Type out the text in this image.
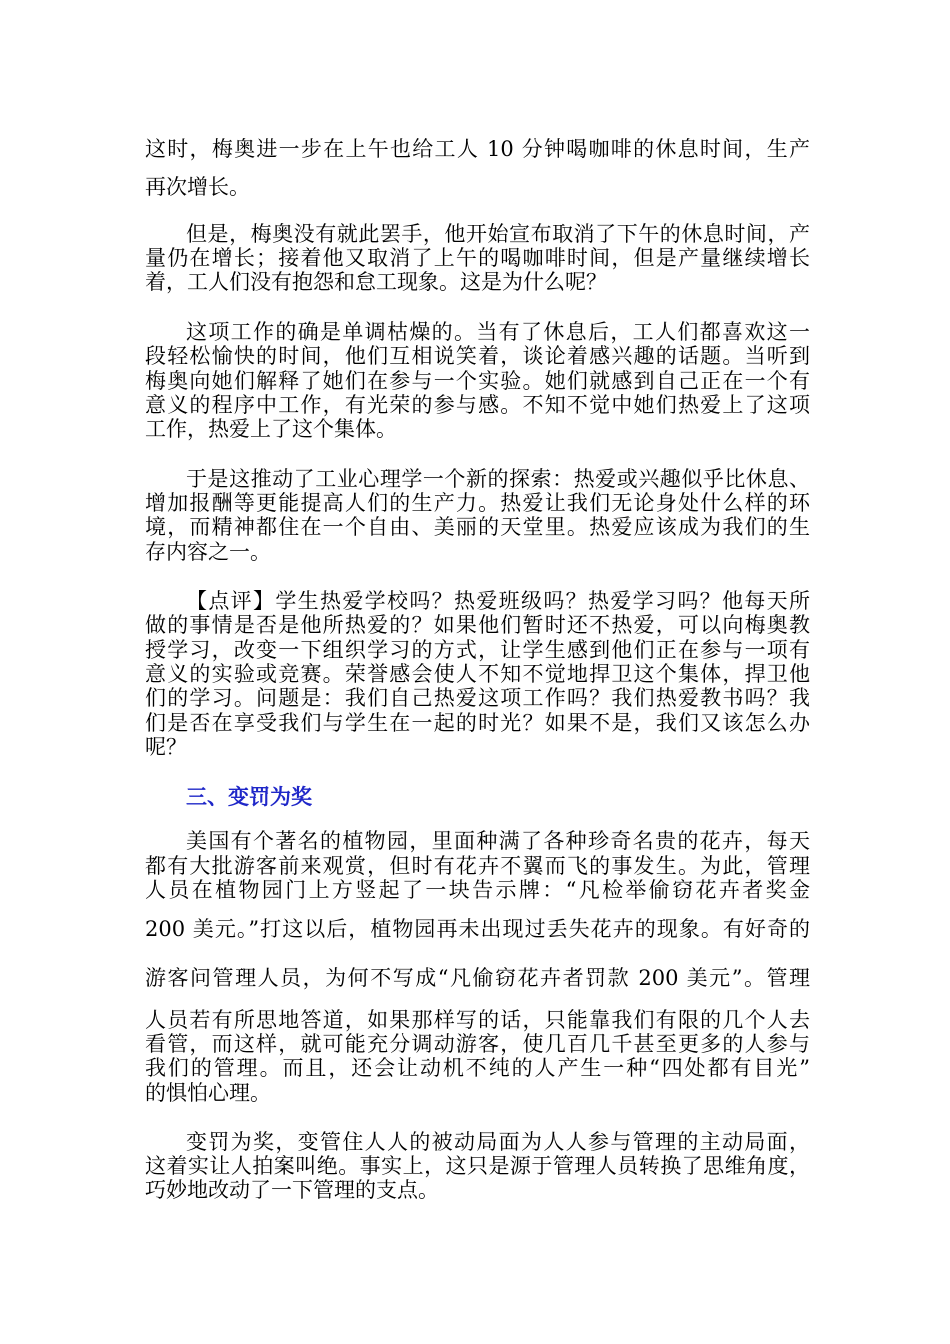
这时，梅奥进一步在上午也给工人 10 分钟喝咖啡的休息时间，生产
再次增长。
但是，梅奥没有就此罢手，他开始宣布取消了下午的休息时间，产
量仍在增长；接着他又取消了上午的喝咖啡时间，但是产量继续增长
着，工人们没有抱怨和怠工现象。这是为什么呢？
这项工作的确是单调枯燥的。当有了休息后，工人们都喜欢这一
段轻松愉快的时间，他们互相说笑着，谈论着感兴趣的话题。当听到
梅奥向她们解释了她们在参与一个实验。她们就感到自己正在一个有
意义的程序中工作，有光荣的参与感。不知不觉中她们热爱上了这项
工作，热爱上了这个集体。
于是这推动了工业心理学一个新的探索：热爱或兴趣似乎比休息、
增加报酬等更能提高人们的生产力。热爱让我们无论身处什么样的环
境，而精神都住在一个自由、美丽的天堂里。热爱应该成为我们的生
存内容之一。
【点评】学生热爱学校吗？热爱班级吗？热爱学习吗？他每天所
做的事情是否是他所热爱的？如果他们暂时还不热爱，可以向梅奥教
授学习，改变一下组织学习的方式，让学生感到他们正在参与一项有
意义的实验或竞赛。荣誉感会使人不知不觉地捍卫这个集体，捍卫他
们的学习。问题是：我们自己热爱这项工作吗？我们热爱教书吗？我
们是否在享受我们与学生在一起的时光？如果不是，我们又该怎么办
呢？
三、变罚为奖
美国有个著名的植物园，里面种满了各种珍奇名贵的花卉，每天
都有大批游客前来观赏，但时有花卉不翼而飞的事发生。为此，管理
人员在植物园门上方竖起了一块告示牌：“凡检举偷窃花卉者奖金
200 美元。”打这以后，植物园再未出现过丢失花卉的现象。有好奇的
游客问管理人员，为何不写成“凡偷窃花卉者罚款 200 美元”。管理
人员若有所思地答道，如果那样写的话，只能靠我们有限的几个人去
看管，而这样，就可能充分调动游客，使几百几千甚至更多的人参与
我们的管理。而且，还会让动机不纯的人产生一种“四处都有目光”
的惧怕心理。
变罚为奖，变管住人人的被动局面为人人参与管理的主动局面，
这着实让人拍案叫绝。事实上，这只是源于管理人员转换了思维角度，
巧妙地改动了一下管理的支点。
